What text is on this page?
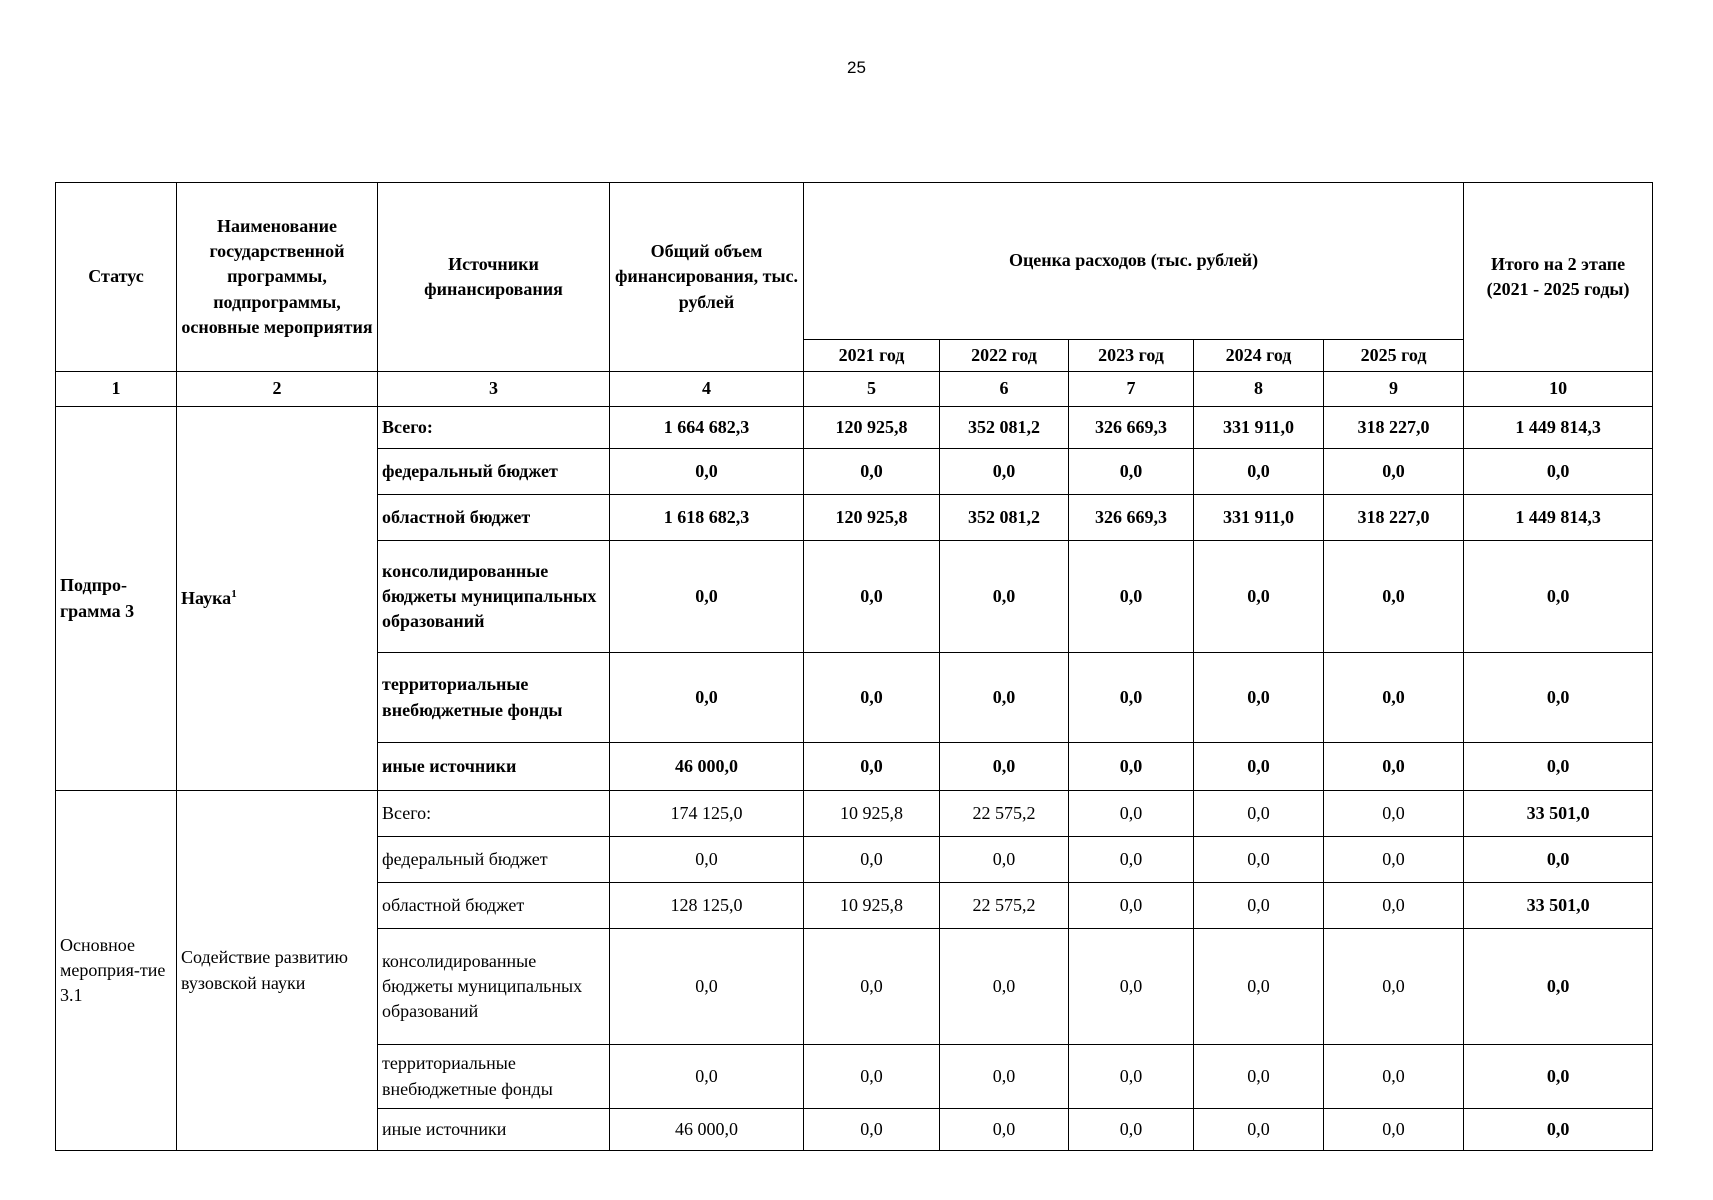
25
Статус	Наименование государственной программы, подпрограммы, основные мероприятия	Источники финансирования	Общий объем финансирования, тыс. рублей	Оценка расходов (тыс. рублей)					Итого на 2 этапе (2021 - 2025 годы)
				2021 год	2022 год	2023 год	2024 год	2025 год	
1	2	3	4	5	6	7	8	9	10
Подпро-грамма 3	Наука$^1$	Всего:	1 664 682,3	120 925,8	352 081,2	326 669,3	331 911,0	318 227,0	1 449 814,3
		федеральный бюджет	0,0	0,0	0,0	0,0	0,0	0,0	0,0
		областной бюджет	1 618 682,3	120 925,8	352 081,2	326 669,3	331 911,0	318 227,0	1 449 814,3
		консолидированные бюджеты муниципальных образований	0,0	0,0	0,0	0,0	0,0	0,0	0,0
		территориальные внебюджетные фонды	0,0	0,0	0,0	0,0	0,0	0,0	0,0
		иные источники	46 000,0	0,0	0,0	0,0	0,0	0,0	0,0
Основное мероприя-тие 3.1	Содействие развитию вузовской науки	Всего:	174 125,0	10 925,8	22 575,2	0,0	0,0	0,0	33 501,0
		федеральный бюджет	0,0	0,0	0,0	0,0	0,0	0,0	0,0
		областной бюджет	128 125,0	10 925,8	22 575,2	0,0	0,0	0,0	33 501,0
		консолидированные бюджеты муниципальных образований	0,0	0,0	0,0	0,0	0,0	0,0	0,0
		территориальные внебюджетные фонды	0,0	0,0	0,0	0,0	0,0	0,0	0,0
		иные источники	46 000,0	0,0	0,0	0,0	0,0	0,0	0,0
